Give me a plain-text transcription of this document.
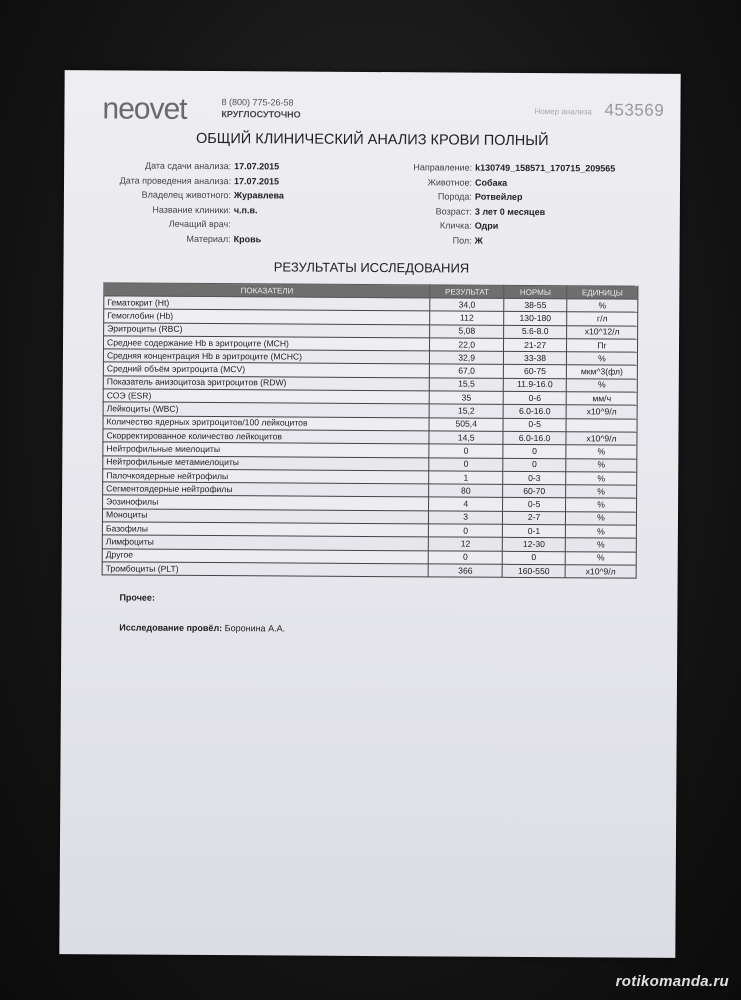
neovet	8 (800) 775-26-58
КРУГЛОСУТОЧНО	Номер анализа 453569
ОБЩИЙ КЛИНИЧЕСКИЙ АНАЛИЗ КРОВИ ПОЛНЫЙ
Дата сдачи анализа: 17.07.2015
Дата проведения анализа: 17.07.2015
Владелец животного: Журавлева
Название клиники: ч.п.в.
Лечащий врач:
Материал: Кровь
Направление: k130749_158571_170715_209565
Животное: Собака
Порода: Ротвейлер
Возраст: 3 лет 0 месяцев
Кличка: Одри
Пол: Ж
РЕЗУЛЬТАТЫ ИССЛЕДОВАНИЯ
ПОКАЗАТЕЛИ	РЕЗУЛЬТАТ	НОРМЫ	ЕДИНИЦЫ
Гематокрит (Ht)	34,0	38-55	%
Гемоглобин (Hb)	112	130-180	г/л
Эритроциты (RBC)	5,08	5.6-8.0	x10^12/л
Среднее содержание Hb в эритроците (MCH)	22,0	21-27	Пг
Средняя концентрация Hb в эритроците (MCHC)	32,9	33-38	%
Средний объём эритроцита (MCV)	67,0	60-75	мкм^3(фл)
Показатель анизоцитоза эритроцитов (RDW)	15,5	11.9-16.0	%
СОЭ (ESR)	35	0-6	мм/ч
Лейкоциты (WBC)	15,2	6.0-16.0	x10^9/л
Количество ядерных эритроцитов/100 лейкоцитов	505,4	0-5	
Скорректированное количество лейкоцитов	14,5	6.0-16.0	x10^9/л
Нейтрофильные миелоциты	0	0	%
Нейтрофильные метамиелоциты	0	0	%
Палочкоядерные нейтрофилы	1	0-3	%
Сегментоядерные нейтрофилы	80	60-70	%
Эозинофилы	4	0-5	%
Моноциты	3	2-7	%
Базофилы	0	0-1	%
Лимфоциты	12	12-30	%
Другое	0	0	%
Тромбоциты (PLT)	366	160-550	x10^9/л
Прочее:
Исследование провёл: Боронина А.А.
rotikomanda.ru
